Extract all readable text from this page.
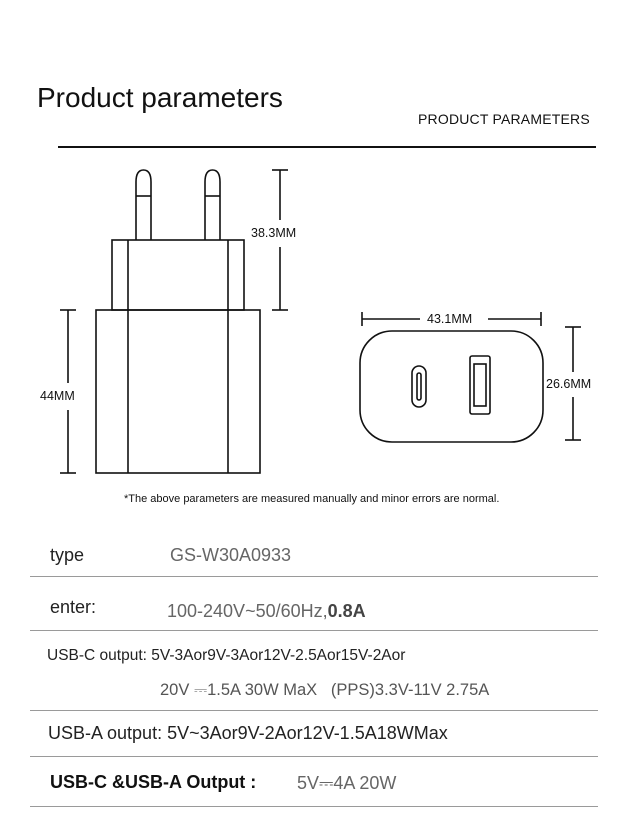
Product parameters
PRODUCT PARAMETERS
38.3MM
44MM
43.1MM
26.6MM
*The above parameters are measured manually and minor errors are normal.
type	GS-W30A0933
enter:	100-240V~50/60Hz,0.8A
USB-C output: 5V-3Aor9V-3Aor12V-2.5Aor15V-2Aor
20V ⎓1.5A 30W MaX   (PPS)3.3V-11V 2.75A
USB-A output: 5V~3Aor9V-2Aor12V-1.5A18WMax
USB-C &USB-A Output : 5V⎓4A 20W
